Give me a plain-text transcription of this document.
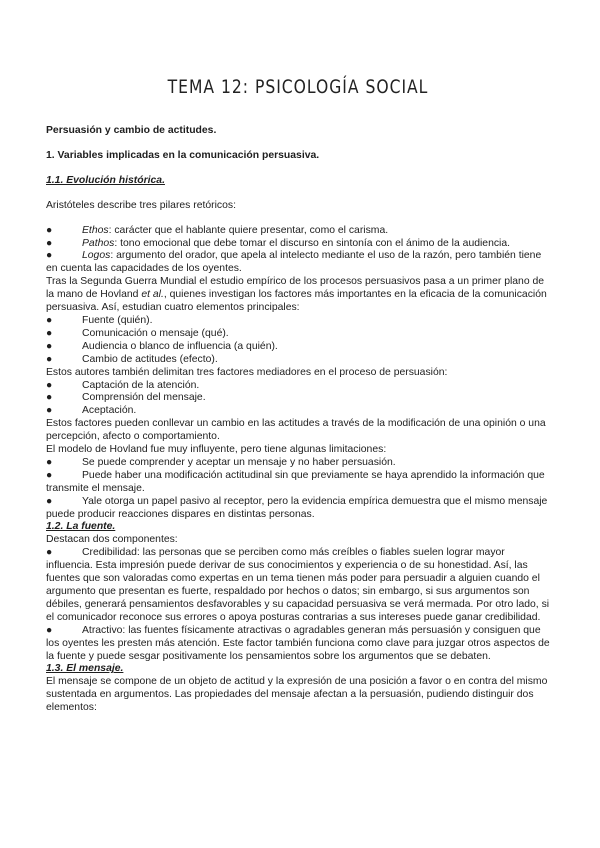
TEMA 12: PSICOLOGÍA SOCIAL

Persuasión y cambio de actitudes.

1. Variables implicadas en la comunicación persuasiva.

1.1. Evolución histórica.

Aristóteles describe tres pilares retóricos:

●	Ethos: carácter que el hablante quiere presentar, como el carisma.

●	Pathos: tono emocional que debe tomar el discurso en sintonía con el ánimo de la audiencia.

●	Logos: argumento del orador, que apela al intelecto mediante el uso de la razón, pero también tiene en cuenta las capacidades de los oyentes.

Tras la Segunda Guerra Mundial el estudio empírico de los procesos persuasivos pasa a un primer plano de la mano de Hovland et al., quienes investigan los factores más importantes en la eficacia de la comunicación persuasiva. Así, estudian cuatro elementos principales:

●	Fuente (quién).
●	Comunicación o mensaje (qué).
●	Audiencia o blanco de influencia (a quién).
●	Cambio de actitudes (efecto).

Estos autores también delimitan tres factores mediadores en el proceso de persuasión:

●	Captación de la atención.
●	Comprensión del mensaje.
●	Aceptación.

Estos factores pueden conllevar un cambio en las actitudes a través de la modificación de una opinión o una percepción, afecto o comportamiento.

El modelo de Hovland fue muy influyente, pero tiene algunas limitaciones:

●	Se puede comprender y aceptar un mensaje y no haber persuasión.

●	Puede haber una modificación actitudinal sin que previamente se haya aprendido la información que transmite el mensaje.

●	Yale otorga un papel pasivo al receptor, pero la evidencia empírica demuestra que el mismo mensaje puede producir reacciones dispares en distintas personas.

1.2. La fuente.

Destacan dos componentes:

●	Credibilidad: las personas que se perciben como más creíbles o fiables suelen lograr mayor

influencia. Esta impresión puede derivar de sus conocimientos y experiencia o de su honestidad. Así, las fuentes que son valoradas como expertas en un tema tienen más poder para persuadir a alguien cuando el argumento que presentan es fuerte, respaldado por hechos o datos; sin embargo, si sus argumentos son débiles, generará pensamientos desfavorables y su capacidad persuasiva se verá mermada. Por otro lado, si el comunicador reconoce sus errores o apoya posturas contrarias a sus intereses puede ganar credibilidad.

●	Atractivo: las fuentes físicamente atractivas o agradables generan más persuasión y consiguen que los oyentes les presten más atención. Este factor también funciona como clave para juzgar otros aspectos de la fuente y puede sesgar positivamente los pensamientos sobre los argumentos que se debaten.

1.3. El mensaje.

El mensaje se compone de un objeto de actitud y la expresión de una posición a favor o en contra del mismo sustentada en argumentos. Las propiedades del mensaje afectan a la persuasión, pudiendo distinguir dos elementos:
